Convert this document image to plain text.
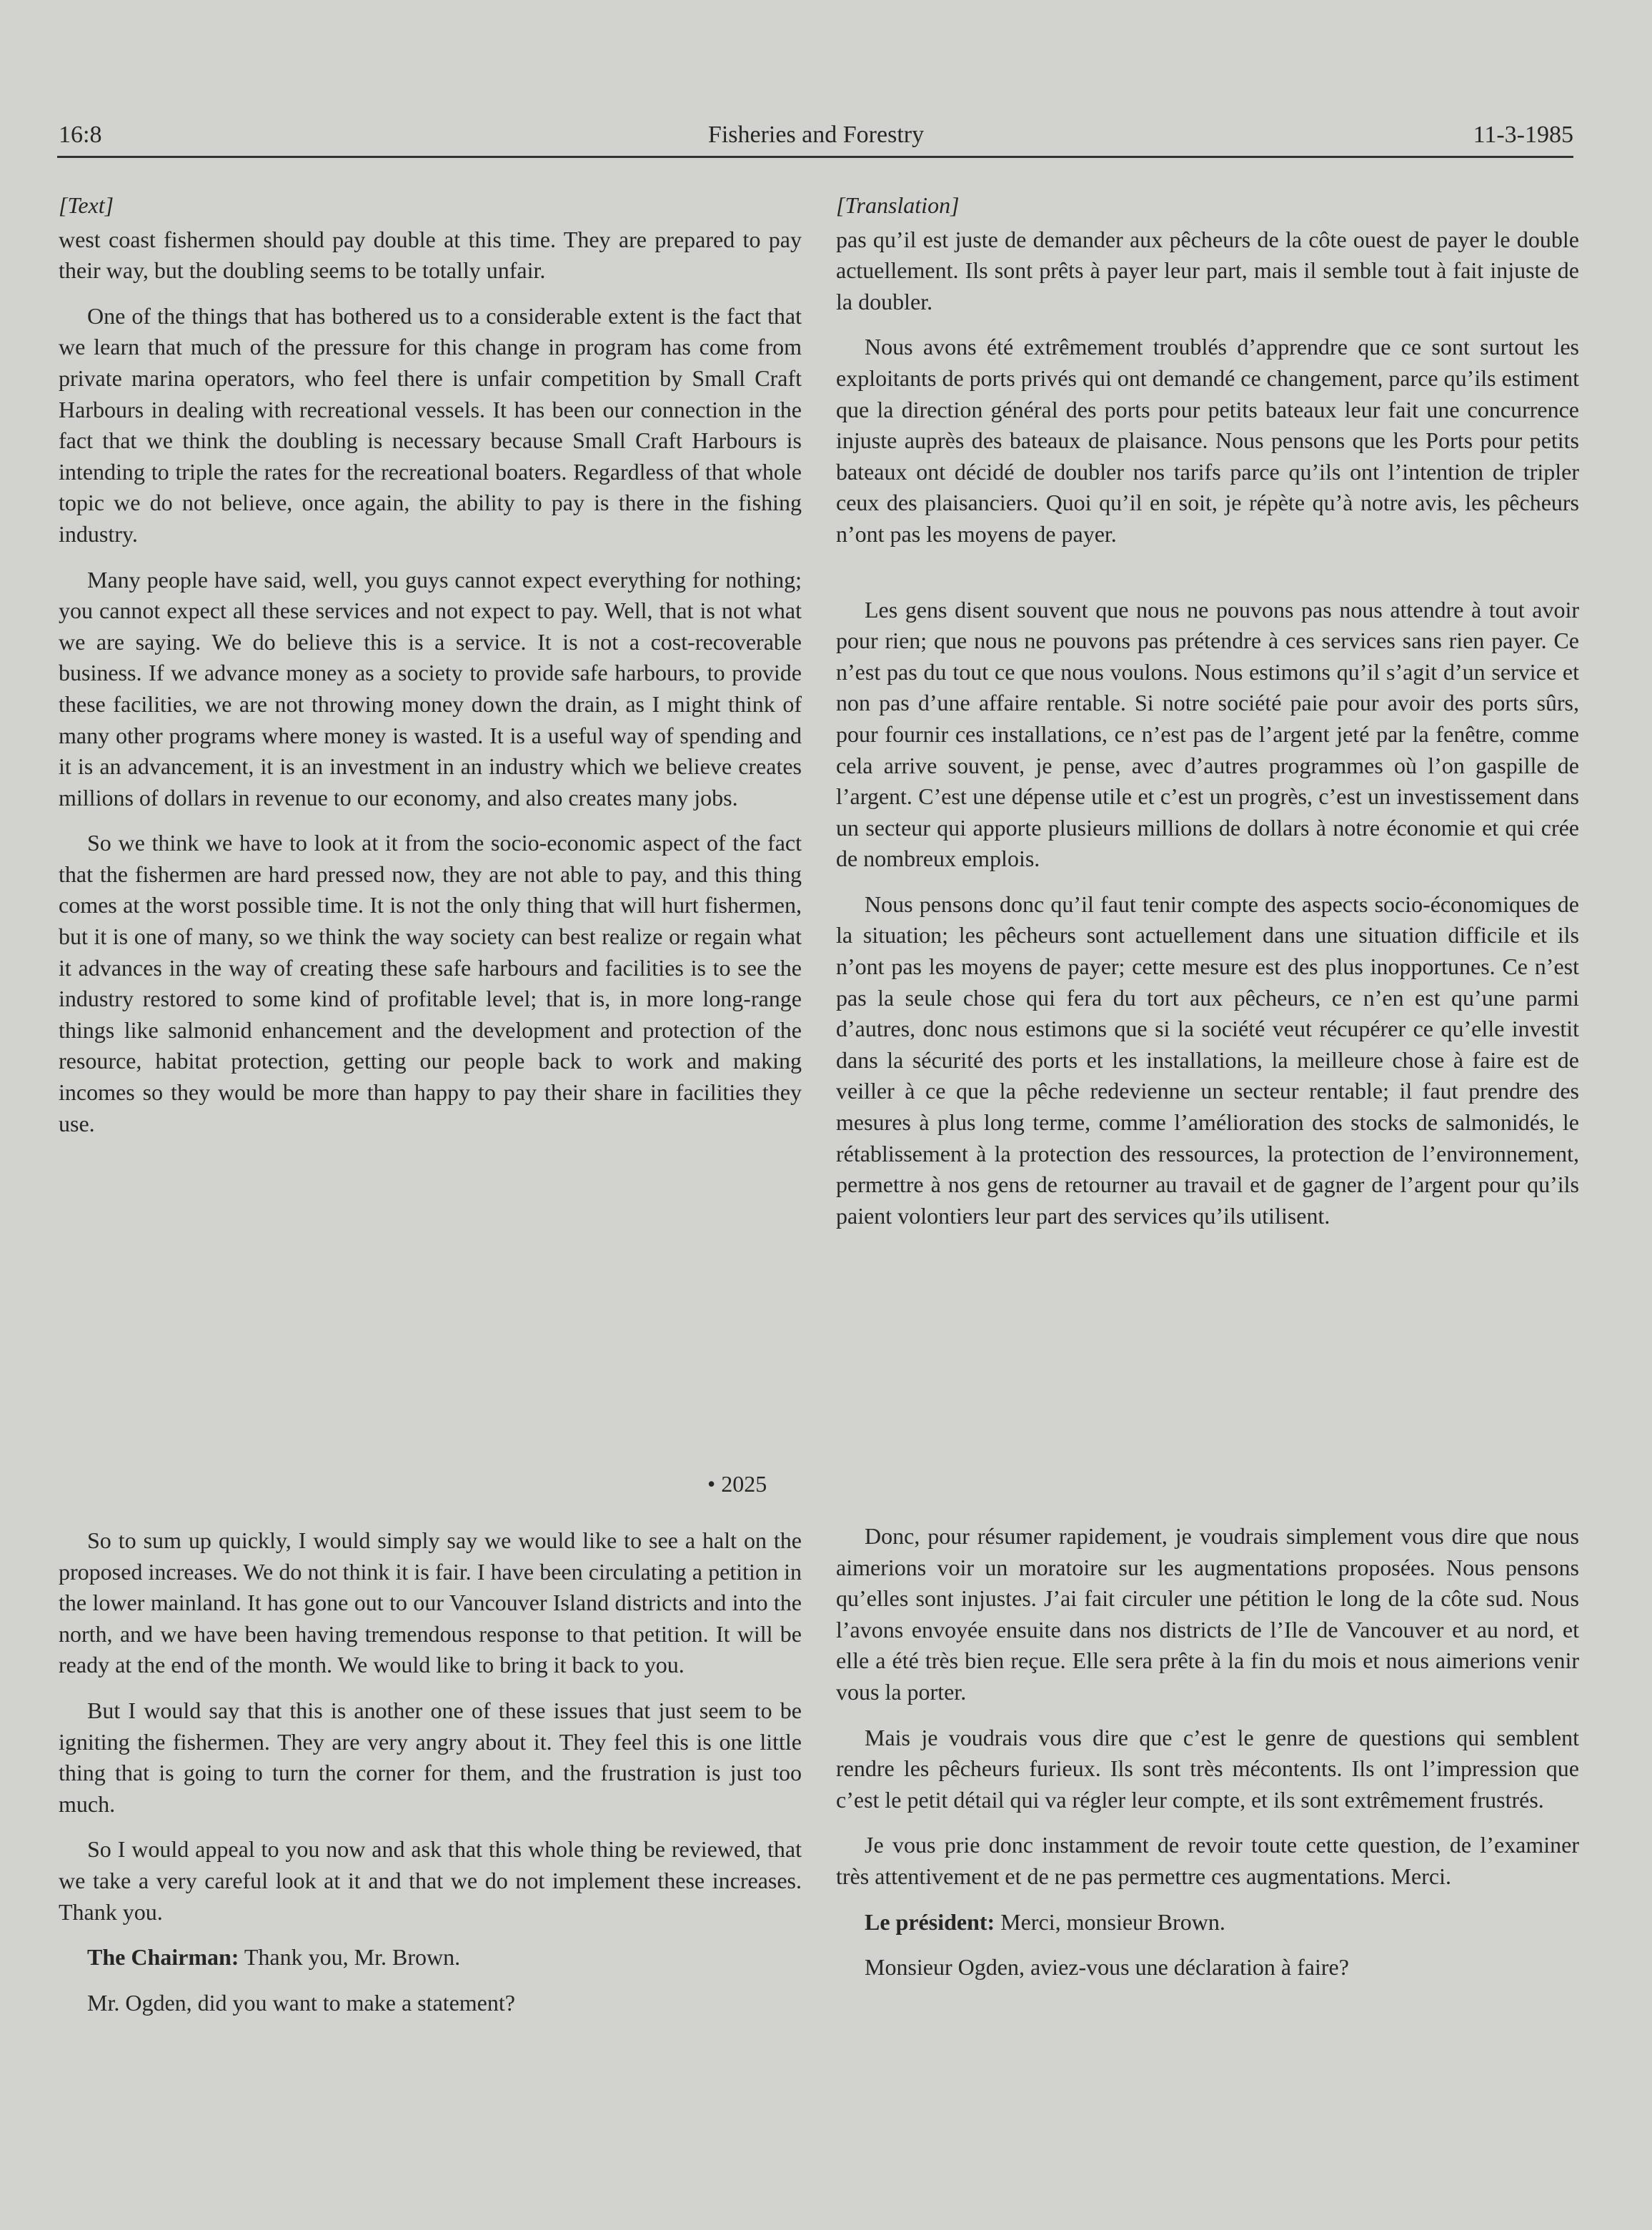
16:8	Fisheries and Forestry	11-3-1985
[Text]

west coast fishermen should pay double at this time. They are prepared to pay their way, but the doubling seems to be totally unfair.

One of the things that has bothered us to a considerable extent is the fact that we learn that much of the pressure for this change in program has come from private marina operators, who feel there is unfair competition by Small Craft Harbours in dealing with recreational vessels. It has been our connection in the fact that we think the doubling is necessary because Small Craft Harbours is intending to triple the rates for the recreational boaters. Regardless of that whole topic we do not believe, once again, the ability to pay is there in the fishing industry.

Many people have said, well, you guys cannot expect everything for nothing; you cannot expect all these services and not expect to pay. Well, that is not what we are saying. We do believe this is a service. It is not a cost-recoverable business. If we advance money as a society to provide safe harbours, to provide these facilities, we are not throwing money down the drain, as I might think of many other programs where money is wasted. It is a useful way of spending and it is an advancement, it is an investment in an industry which we believe creates millions of dollars in revenue to our economy, and also creates many jobs.

So we think we have to look at it from the socio-economic aspect of the fact that the fishermen are hard pressed now, they are not able to pay, and this thing comes at the worst possible time. It is not the only thing that will hurt fishermen, but it is one of many, so we think the way society can best realize or regain what it advances in the way of creating these safe harbours and facilities is to see the industry restored to some kind of profitable level; that is, in more long-range things like salmonid enhancement and the development and protection of the resource, habitat protection, getting our people back to work and making incomes so they would be more than happy to pay their share in facilities they use.

• 2025

So to sum up quickly, I would simply say we would like to see a halt on the proposed increases. We do not think it is fair. I have been circulating a petition in the lower mainland. It has gone out to our Vancouver Island districts and into the north, and we have been having tremendous response to that petition. It will be ready at the end of the month. We would like to bring it back to you.

But I would say that this is another one of these issues that just seem to be igniting the fishermen. They are very angry about it. They feel this is one little thing that is going to turn the corner for them, and the frustration is just too much.

So I would appeal to you now and ask that this whole thing be reviewed, that we take a very careful look at it and that we do not implement these increases. Thank you.

The Chairman: Thank you, Mr. Brown.

Mr. Ogden, did you want to make a statement?

[Translation]

pas qu’il est juste de demander aux pêcheurs de la côte ouest de payer le double actuellement. Ils sont prêts à payer leur part, mais il semble tout à fait injuste de la doubler.

Nous avons été extrêmement troublés d’apprendre que ce sont surtout les exploitants de ports privés qui ont demandé ce changement, parce qu’ils estiment que la direction général des ports pour petits bateaux leur fait une concurrence injuste auprès des bateaux de plaisance. Nous pensons que les Ports pour petits bateaux ont décidé de doubler nos tarifs parce qu’ils ont l’intention de tripler ceux des plaisanciers. Quoi qu’il en soit, je répète qu’à notre avis, les pêcheurs n’ont pas les moyens de payer.

Les gens disent souvent que nous ne pouvons pas nous attendre à tout avoir pour rien; que nous ne pouvons pas prétendre à ces services sans rien payer. Ce n’est pas du tout ce que nous voulons. Nous estimons qu’il s’agit d’un service et non pas d’une affaire rentable. Si notre société paie pour avoir des ports sûrs, pour fournir ces installations, ce n’est pas de l’argent jeté par la fenêtre, comme cela arrive souvent, je pense, avec d’autres programmes où l’on gaspille de l’argent. C’est une dépense utile et c’est un progrès, c’est un investissement dans un secteur qui apporte plusieurs millions de dollars à notre économie et qui crée de nombreux emplois.

Nous pensons donc qu’il faut tenir compte des aspects socio-économiques de la situation; les pêcheurs sont actuellement dans une situation difficile et ils n’ont pas les moyens de payer; cette mesure est des plus inopportunes. Ce n’est pas la seule chose qui fera du tort aux pêcheurs, ce n’en est qu’une parmi d’autres, donc nous estimons que si la société veut récupérer ce qu’elle investit dans la sécurité des ports et les installations, la meilleure chose à faire est de veiller à ce que la pêche redevienne un secteur rentable; il faut prendre des mesures à plus long terme, comme l’amélioration des stocks de salmonidés, le rétablissement à la protection des ressources, la protection de l’environnement, permettre à nos gens de retourner au travail et de gagner de l’argent pour qu’ils paient volontiers leur part des services qu’ils utilisent.

Donc, pour résumer rapidement, je voudrais simplement vous dire que nous aimerions voir un moratoire sur les augmentations proposées. Nous pensons qu’elles sont injustes. J’ai fait circuler une pétition le long de la côte sud. Nous l’avons envoyée ensuite dans nos districts de l’Ile de Vancouver et au nord, et elle a été très bien reçue. Elle sera prête à la fin du mois et nous aimerions venir vous la porter.

Mais je voudrais vous dire que c’est le genre de questions qui semblent rendre les pêcheurs furieux. Ils sont très mécontents. Ils ont l’impression que c’est le petit détail qui va régler leur compte, et ils sont extrêmement frustrés.

Je vous prie donc instamment de revoir toute cette question, de l’examiner très attentivement et de ne pas permettre ces augmentations. Merci.

Le président: Merci, monsieur Brown.

Monsieur Ogden, aviez-vous une déclaration à faire?
